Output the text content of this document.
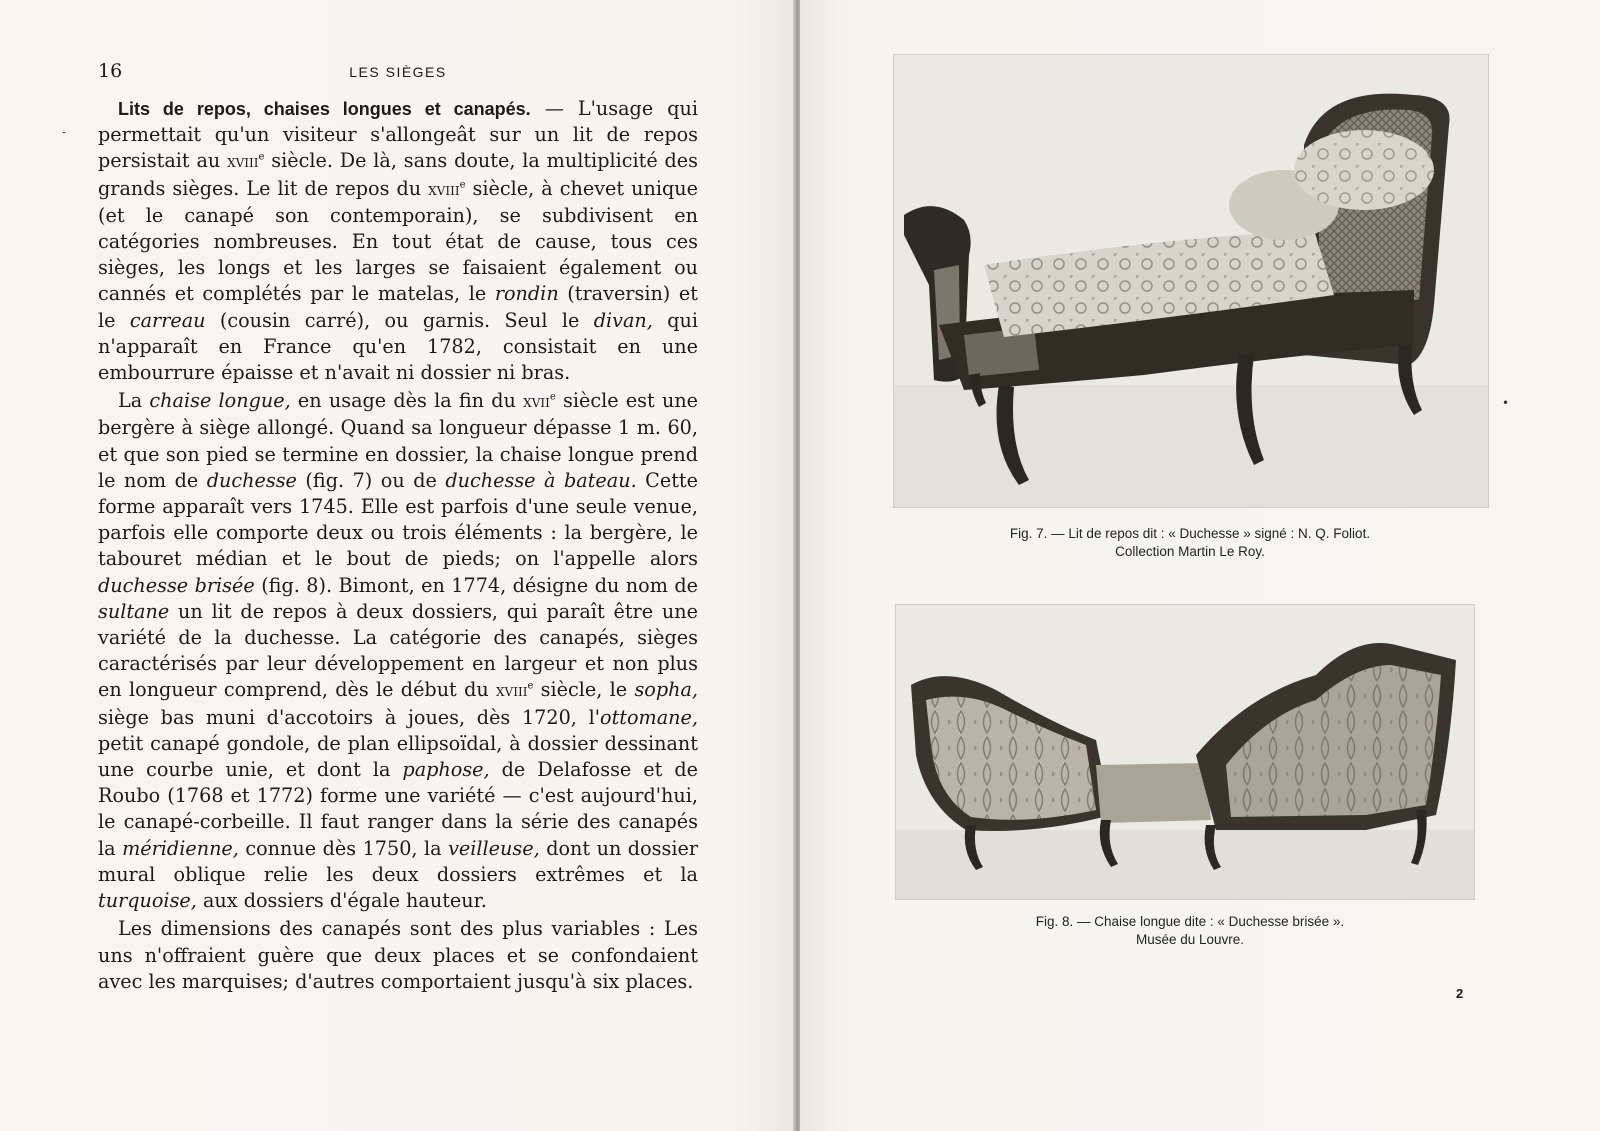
16	LES SIÈGES

Lits de repos, chaises longues et canapés. — L'usage qui permettait qu'un visiteur s'allongeât sur un lit de repos persistait au xviii$^e$ siècle. De là, sans doute, la multiplicité des grands sièges. Le lit de repos du xviii$^e$ siècle, à chevet unique (et le canapé son contemporain), se subdivisent en catégories nombreuses. En tout état de cause, tous ces sièges, les longs et les larges se faisaient également ou cannés et complétés par le matelas, le rondin (traversin) et le carreau (cousin carré), ou garnis. Seul le divan, qui n'apparaît en France qu'en 1782, consistait en une embourrure épaisse et n'avait ni dossier ni bras.

La chaise longue, en usage dès la fin du xvii$^e$ siècle est une bergère à siège allongé. Quand sa longueur dépasse 1 m. 60, et que son pied se termine en dossier, la chaise longue prend le nom de duchesse (fig. 7) ou de duchesse à bateau. Cette forme apparaît vers 1745. Elle est parfois d'une seule venue, parfois elle comporte deux ou trois éléments : la bergère, le tabouret médian et le bout de pieds; on l'appelle alors duchesse brisée (fig. 8). Bimont, en 1774, désigne du nom de sultane un lit de repos à deux dossiers, qui paraît être une variété de la duchesse. La catégorie des canapés, sièges caractérisés par leur développement en largeur et non plus en longueur comprend, dès le début du xviii$^e$ siècle, le sopha, siège bas muni d'accotoirs à joues, dès 1720, l'ottomane, petit canapé gondole, de plan ellipsoïdal, à dossier dessinant une courbe unie, et dont la paphose, de Delafosse et de Roubo (1768 et 1772) forme une variété — c'est aujourd'hui, le canapé-corbeille. Il faut ranger dans la série des canapés la méridienne, connue dès 1750, la veilleuse, dont un dossier mural oblique relie les deux dossiers extrêmes et la turquoise, aux dossiers d'égale hauteur.

Les dimensions des canapés sont des plus variables : Les uns n'offraient guère que deux places et se confondaient avec les marquises; d'autres comportaient jusqu'à six places.

-
Fig. 7. — Lit de repos dit : « Duchesse » signé : N. Q. Foliot.
Collection Martin Le Roy.
Fig. 8. — Chaise longue dite : « Duchesse brisée ».
Musée du Louvre.
2
•
